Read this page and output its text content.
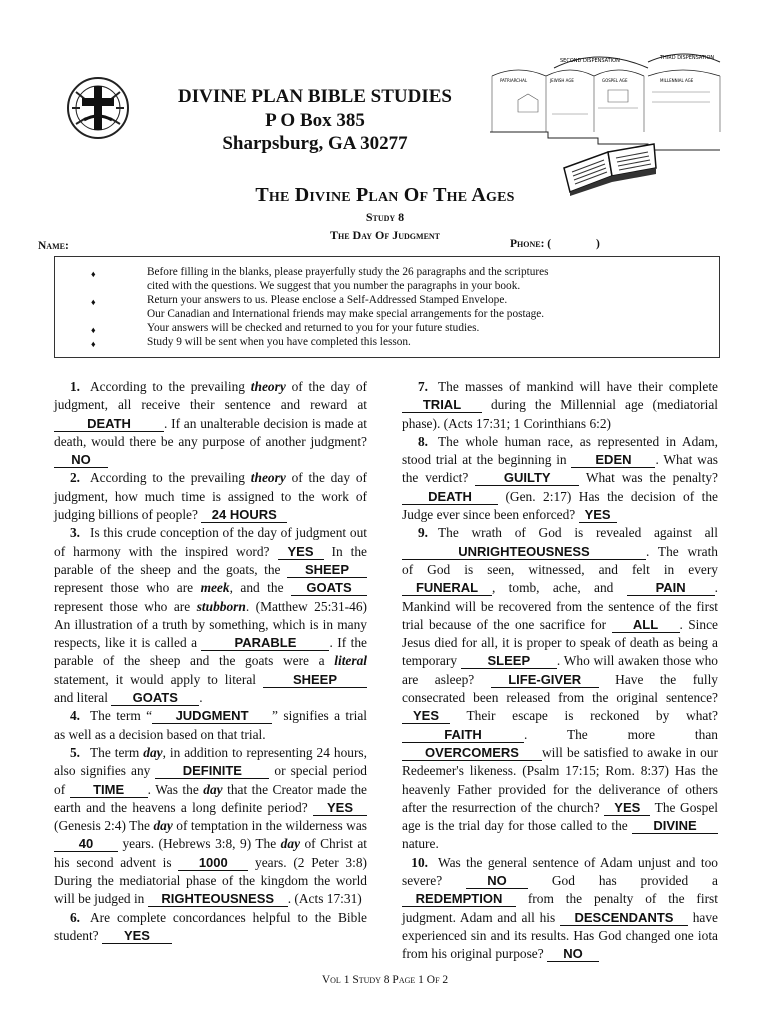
DIVINE PLAN BIBLE STUDIES
P O Box 385
Sharpsburg, GA 30277
SECOND DISPENSATION	THIRD DISPENSATION
PATRIARCHAL	JEWISH AGE	GOSPEL AGE	MILLENNIAL AGE
The Divine Plan Of The Ages
Study 8
The Day Of Judgment
Name:	Phone: (	)
♦	Before filling in the blanks, please prayerfully study the 26 paragraphs and the scriptures
cited with the questions. We suggest that you number the paragraphs in your book.
♦	Return your answers to us. Please enclose a Self-Addressed Stamped Envelope.
Our Canadian and International friends may make special arrangements for the postage.
♦	Your answers will be checked and returned to you for your future studies.
♦	Study 9 will be sent when you have completed this lesson.

1. According to the prevailing theory of the day of judgment, all receive their sentence and reward at DEATH . If an unalterable decision is made at death, would there be any purpose of another judgment? NO

2. According to the prevailing theory of the day of judgment, how much time is assigned to the work of judging billions of people? 24 HOURS

3. Is this crude conception of the day of judgment out of harmony with the inspired word? YES In the parable of the sheep and the goats, the SHEEP represent those who are meek, and the GOATS represent those who are stubborn. (Matthew 25:31-46) An illustration of a truth by something, which is in many respects, like it is called a	PARABLE . If the parable of the sheep and the goats were a literal statement, it would apply to literal SHEEP and literal GOATS .

4. The term “ JUDGMENT ” signifies a trial as well as a decision based on that trial.

5. The term day, in addition to representing 24 hours, also signifies any DEFINITE or special period of TIME . Was the day that the Creator made the earth and the heavens a long definite period? YES (Genesis 2:4) The day of temptation in the wilderness was 40 years. (Hebrews 3:8, 9) The day of Christ at his second advent is 1000 years. (2 Peter 3:8) During the mediatorial phase of the kingdom the world will be judged in RIGHTEOUSNESS . (Acts 17:31)

6. Are complete concordances helpful to the Bible student? YES

7. The masses of mankind will have their complete TRIAL during the Millennial age (mediatorial phase). (Acts 17:31; 1 Corinthians 6:2)

8. The whole human race, as represented in Adam, stood trial at the beginning in EDEN . What was the verdict? GUILTY What was the penalty? DEATH (Gen. 2:17) Has the decision of the Judge ever since been enforced? YES

9. The wrath of God is revealed against all UNRIGHTEOUSNESS	. The wrath of God is seen, witnessed, and felt in every FUNERAL , tomb, ache, and PAIN . Mankind will be recovered from the sentence of the first trial because of the one sacrifice for ALL . Since Jesus died for all, it is proper to speak of death as being a temporary SLEEP . Who will awaken those who are asleep? LIFE-GIVER Have the fully consecrated been released from the original sentence? YES Their escape is reckoned by what? FAITH	. The more than OVERCOMERS will be satisfied to awake in our Redeemer's likeness. (Psalm 17:15; Rom. 8:37) Has the heavenly Father provided for the deliverance of others after the resurrection of the church? YES The Gospel age is the trial day for those called to the DIVINE nature.

10. Was the general sentence of Adam unjust and too severe? NO God has provided a REDEMPTION from the penalty of the first judgment. Adam and all his DESCENDANTS have experienced sin and its results. Has God changed one iota from his original purpose? NO

Vol 1 Study 8 Page 1 Of 2
